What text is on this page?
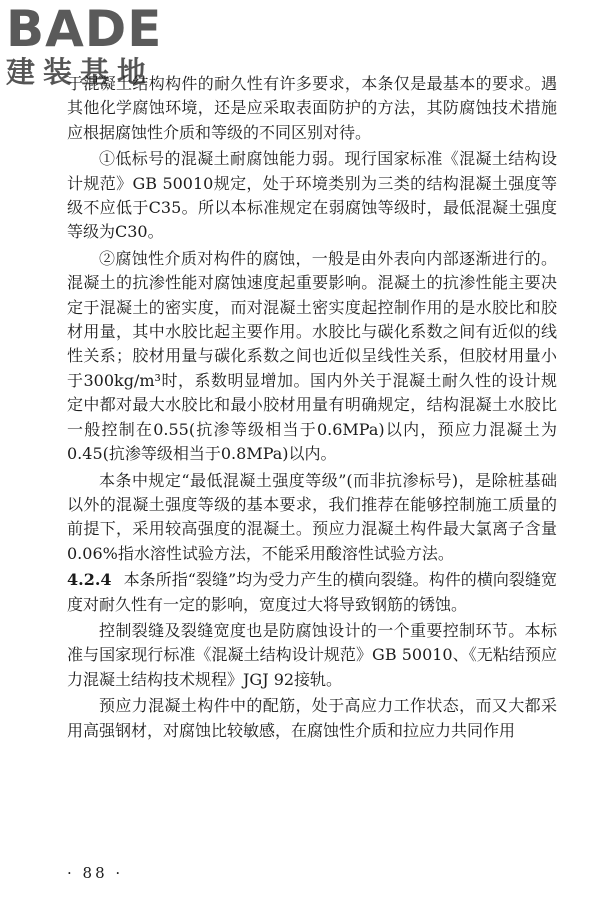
BADE
建装基地

于混凝土结构构件的耐久性有许多要求，本条仅是最基本的要求。遇其他化学腐蚀环境，还是应采取表面防护的方法，其防腐蚀技术措施应根据腐蚀性介质和等级的不同区别对待。

①低标号的混凝土耐腐蚀能力弱。现行国家标准《混凝土结构设计规范》GB 50010规定，处于环境类别为三类的结构混凝土强度等级不应低于C35。所以本标准规定在弱腐蚀等级时，最低混凝土强度等级为C30。

②腐蚀性介质对构件的腐蚀，一般是由外表向内部逐渐进行的。混凝土的抗渗性能对腐蚀速度起重要影响。混凝土的抗渗性能主要决定于混凝土的密实度，而对混凝土密实度起控制作用的是水胶比和胶材用量，其中水胶比起主要作用。水胶比与碳化系数之间有近似的线性关系；胶材用量与碳化系数之间也近似呈线性关系，但胶材用量小于300kg/m³时，系数明显增加。国内外关于混凝土耐久性的设计规定中都对最大水胶比和最小胶材用量有明确规定，结构混凝土水胶比一般控制在0.55(抗渗等级相当于0.6MPa)以内，预应力混凝土为0.45(抗渗等级相当于0.8MPa)以内。

本条中规定“最低混凝土强度等级”(而非抗渗标号)，是除桩基础以外的混凝土强度等级的基本要求，我们推荐在能够控制施工质量的前提下，采用较高强度的混凝土。预应力混凝土构件最大氯离子含量0.06%指水溶性试验方法，不能采用酸溶性试验方法。

4.2.4 本条所指“裂缝”均为受力产生的横向裂缝。构件的横向裂缝宽度对耐久性有一定的影响，宽度过大将导致钢筋的锈蚀。

控制裂缝及裂缝宽度也是防腐蚀设计的一个重要控制环节。本标准与国家现行标准《混凝土结构设计规范》GB 50010、《无粘结预应力混凝土结构技术规程》JGJ 92接轨。

预应力混凝土构件中的配筋，处于高应力工作状态，而又大都采用高强钢材，对腐蚀比较敏感，在腐蚀性介质和拉应力共同作用

· 88 ·
